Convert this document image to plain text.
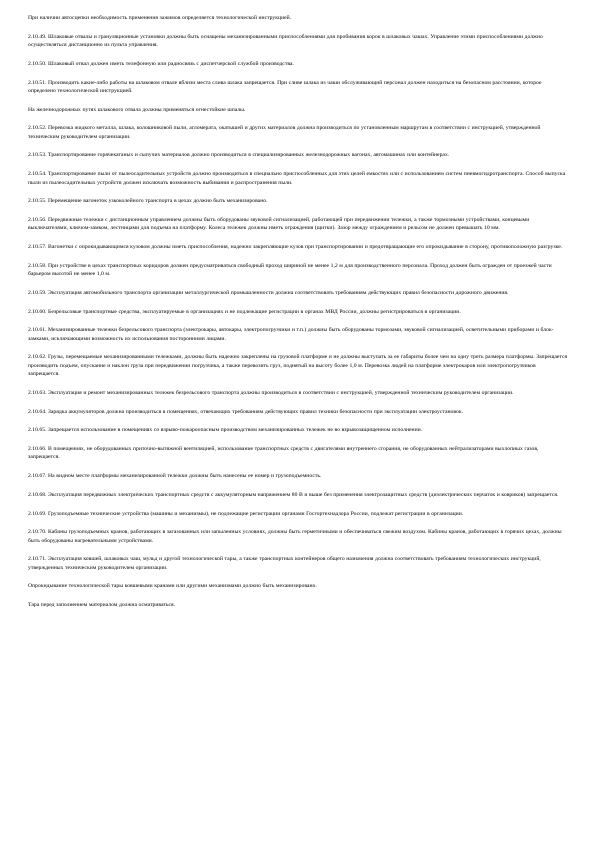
При наличии автосцепки необходимость применения зажимов определяется технологической инструкцией.

2.10.49. Шлаковые отвалы и грануляционные установки должны быть оснащены механизированными приспособлениями для пробивания корок в шлаковых чашах. Управление этими приспособлениями должно осуществляться дистанционно из пульта управления.

2.10.50. Шлаковый отвал должен иметь телефонную или радиосвязь с диспетчерской службой производства.

2.10.51. Производить какие-либо работы на шлаковом отвале вблизи места слива шлака запрещается. При сливе шлака из чаши обслуживающий персонал должен находиться на безопасном расстоянии, которое определено технологической инструкцией.

На железнодорожных путях шлакового отвала должны применяться огнестойкие шпалы.

2.10.52. Перевозка жидкого металла, шлака, колошниковой пыли, агломерата, окатышей и других материалов должна производиться по установленным маршрутам в соответствии с инструкцией, утвержденной техническим руководителем организации.

2.10.53. Транспортирование горячекатаных и сыпучих материалов должно производиться в специализированных железнодорожных вагонах, автомашинах или контейнерах.

2.10.54. Транспортирование пыли от пылеосадительных устройств должно производиться в специально приспособленных для этих целей емкостях или с использованием систем пневмогидротранспорта. Способ выпуска пыли из пылеосадительных устройств должен исключать возможность выбивания и распространения пыли.

2.10.55. Перемещение вагонеток узкоколейного транспорта в цехах должно быть механизировано.

2.10.56. Передвижные тележки с дистанционным управлением должны быть оборудованы звуковой сигнализацией, работающей при передвижении тележки, а также тормозными устройствами, концевыми выключателями, ключом-замком, лестницами для подъема на платформу. Колеса тележек должны иметь ограждения (щитки). Зазор между ограждением и рельсом не должен превышать 10 мм.

2.10.57. Вагонетки с опрокидывающимся кузовом должны иметь приспособления, надежно закрепляющие кузов при транспортировании и предотвращающие его опрокидывание в сторону, противоположную разгрузке.

2.10.58. При устройстве в цехах транспортных коридоров должен предусматриваться свободный проход шириной не менее 1,2 м для производственного персонала. Проход должен быть огражден от проезжей части барьером высотой не менее 1,0 м.

2.10.59. Эксплуатация автомобильного транспорта организации металлургической промышленности должна соответствовать требованиям действующих правил безопасности дорожного движения.

2.10.60. Безрельсовые транспортные средства, эксплуатируемые в организациях и не подлежащие регистрации в органах МВД России, должны регистрироваться в организации.

2.10.61. Механизированные тележки безрельсового транспорта (электрокары, автокары, электропогрузчики и т.п.) должны быть оборудованы тормозами, звуковой сигнализацией, осветительными приборами и блок-замками, исключающими возможность их использования посторонними лицами.

2.10.62. Грузы, перемещаемые механизированными тележками, должны быть надежно закреплены на грузовой платформе и не должны выступать за ее габариты более чем на одну треть размера платформы. Запрещается производить подъем, опускание и наклон груза при передвижении погрузчика, а также перевозить груз, поднятый на высоту более 1,0 м. Перевозка людей на платформе электрокаров или электропогрузчиков запрещается.

2.10.63. Эксплуатация и ремонт механизированных тележек безрельсового транспорта должны производиться в соответствии с инструкцией, утвержденной техническим руководителем организации.

2.10.64. Зарядка аккумуляторов должна производиться в помещениях, отвечающих требованиям действующих правил техники безопасности при эксплуатации электроустановок.

2.10.65. Запрещается использование в помещениях со взрыво-пожароопасным производством механизированных тележек не во взрывозащищенном исполнении.

2.10.66. В помещениях, не оборудованных приточно-вытяжной вентиляцией, использование транспортных средств с двигателями внутреннего сгорания, не оборудованных нейтрализаторами выхлопных газов, запрещается.

2.10.67. На видном месте платформы механизированной тележки должны быть нанесены ее номер и грузоподъемность.

2.10.68. Эксплуатация передвижных электрических транспортных средств с аккумуляторным напряжением 80 В и выше без применения электрозащитных средств (диэлектрических перчаток и ковриков) запрещается.

2.10.69. Грузоподъемные технические устройства (машины и механизмы), не подлежащие регистрации органами Госгортехнадзора России, подлежат регистрации в организации.

2.10.70. Кабины грузоподъемных кранов, работающих в загазованных или запыленных условиях, должны быть герметичными и обеспечиваться свежим воздухом. Кабины кранов, работающих в горячих цехах, должны быть оборудованы нагревательными устройствами.

2.10.71. Эксплуатация ковшей, шлаковых чаш, мульд и другой технологической тары, а также транспортных контейнеров общего назначения должна соответствовать требованиям технологических инструкций, утвержденных техническим руководителем организации.

Опрокидывание технологической тары ковшевыми кранами или другими механизмами должно быть механизировано.

Тара перед заполнением материалом должна осматриваться.
